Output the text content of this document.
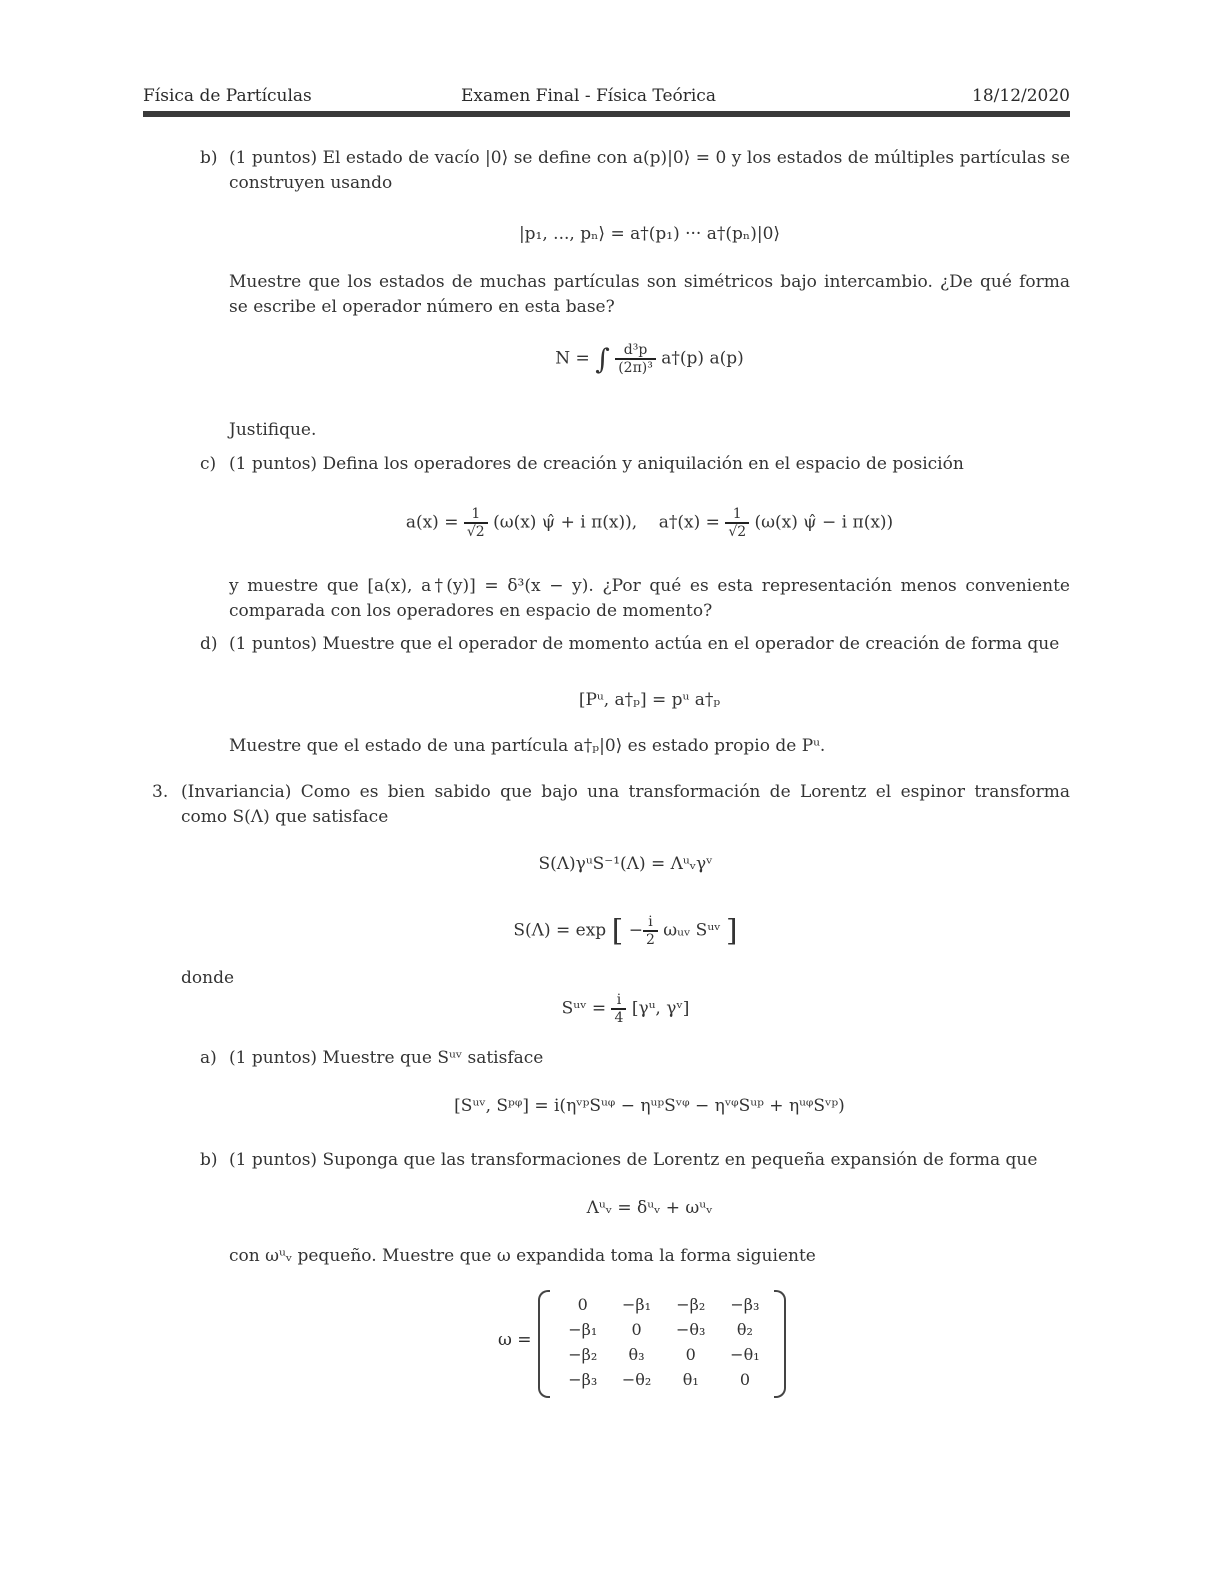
Física de Partículas	Examen Final - Física Teórica	18/12/2020
b) (1 puntos) El estado de vacío |0⟩ se define con a(p)|0⟩ = 0 y los estados de múltiples partículas se construyen usando
|p₁, ..., pₙ⟩ = a†(p₁) ··· a†(pₙ)|0⟩
Muestre que los estados de muchas partículas son simétricos bajo intercambio. ¿De qué forma se escribe el operador número en esta base?
N = ∫ $\frac{\text{d³p}}{\text{(2π)³}}$ a†(p) a(p)
Justifique.
c) (1 puntos) Defina los operadores de creación y aniquilación en el espacio de posición
$a(x) = \frac{1}{√2} (\omega(x)$ ψ̂ + i π(x)), a†(x) = $\frac{1}{√2} (\omega(x)$ ψ̂ − i π(x))
y muestre que [a(x), a†(y)] = δ³(x − y). ¿Por qué es esta representación menos conveniente comparada con los operadores en espacio de momento?
d) (1 puntos) Muestre que el operador de momento actúa en el operador de creación de forma que
[Pᵘ, a†ₚ] = pᵘ a†ₚ
Muestre que el estado de una partícula a†ₚ|0⟩ es estado propio de Pᵘ.
3. (Invariancia) Como es bien sabido que bajo una transformación de Lorentz el espinor transforma como S(Λ) que satisface
S(Λ)γᵘS⁻¹(Λ) = Λᵘᵥγᵛ
S(Λ) = exp [ − $\frac{i}{2}$ ωᵤᵥ Sᵘᵛ ]
donde
Sᵘᵛ = $\frac{i}{4}$ [γᵘ, γᵛ]
a) (1 puntos) Muestre que Sᵘᵛ satisface
[Sᵘᵛ, Sᵖᵠ] = i(ηᵛᵖSᵘᵠ − ηᵘᵖSᵛᵠ − ηᵛᵠSᵘᵖ + ηᵘᵠSᵛᵖ)
b) (1 puntos) Suponga que las transformaciones de Lorentz en pequeña expansión de forma que
Λᵘᵥ = δᵘᵥ + ωᵘᵥ
con ωᵘᵥ pequeño. Muestre que ω expandida toma la forma siguiente
ω =
0	−β₁	−β₂	−β₃
−β₁	0	−θ₃	θ₂
−β₂	θ₃	0	−θ₁
−β₃	−θ₂	θ₁	0
